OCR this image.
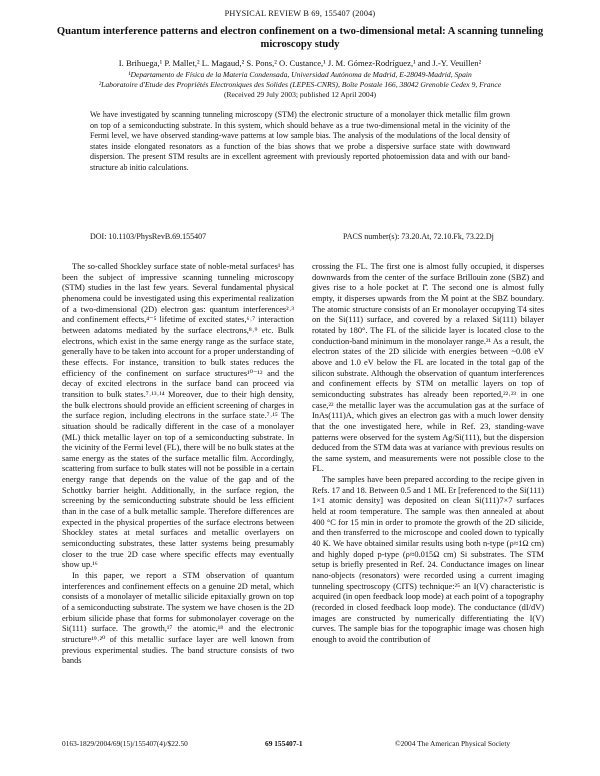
PHYSICAL REVIEW B 69, 155407 (2004)
Quantum interference patterns and electron confinement on a two-dimensional metal: A scanning tunneling microscopy study
I. Brihuega,¹ P. Mallet,² L. Magaud,² S. Pons,² O. Custance,¹ J. M. Gómez-Rodríguez,¹ and J.-Y. Veuillen²
¹Departamento de Física de la Materia Condensada, Universidad Autónoma de Madrid, E-28049-Madrid, Spain
²Laboratoire d'Etude des Propriétés Electroniques des Solides (LEPES-CNRS), Boîte Postale 166, 38042 Grenoble Cedex 9, France
(Received 29 July 2003; published 12 April 2004)
We have investigated by scanning tunneling microscopy (STM) the electronic structure of a monolayer thick metallic film grown on top of a semiconducting substrate. In this system, which should behave as a true two-dimensional metal in the vicinity of the Fermi level, we have observed standing-wave patterns at low sample bias. The analysis of the modulations of the local density of states inside elongated resonators as a function of the bias shows that we probe a dispersive surface state with downward dispersion. The present STM results are in excellent agreement with previously reported photoemission data and with our band-structure ab initio calculations.
DOI: 10.1103/PhysRevB.69.155407	PACS number(s): 73.20.At, 72.10.Fk, 73.22.Dj

The so-called Shockley surface state of noble-metal surfaces¹ has been the subject of impressive scanning tunneling microscopy (STM) studies in the last few years. Several fundamental physical phenomena could be investigated using this experimental realization of a two-dimensional (2D) electron gas: quantum interferences²˒³ and confinement effects,⁴⁻⁵ lifetime of excited states,⁶˒⁷ interaction between adatoms mediated by the surface electrons,⁸˒⁹ etc. Bulk electrons, which exist in the same energy range as the surface state, generally have to be taken into account for a proper understanding of these effects. For instance, transition to bulk states reduces the efficiency of the confinement on surface structures¹⁰⁻¹² and the decay of excited electrons in the surface band can proceed via transition to bulk states.⁷˒¹³˒¹⁴ Moreover, due to their high density, the bulk electrons should provide an efficient screening of charges in the surface region, including electrons in the surface state.⁷˒¹⁵ The situation should be radically different in the case of a monolayer (ML) thick metallic layer on top of a semiconducting substrate. In the vicinity of the Fermi level (FL), there will be no bulk states at the same energy as the states of the surface metallic film. Accordingly, scattering from surface to bulk states will not be possible in a certain energy range that depends on the value of the gap and of the Schottky barrier height. Additionally, in the surface region, the screening by the semiconducting substrate should be less efficient than in the case of a bulk metallic sample. Therefore differences are expected in the physical properties of the surface electrons between Shockley states at metal surfaces and metallic overlayers on semiconducting substrates, these latter systems being presumably closer to the true 2D case where specific effects may eventually show up.¹⁶

In this paper, we report a STM observation of quantum interferences and confinement effects on a genuine 2D metal, which consists of a monolayer of metallic silicide epitaxially grown on top of a semiconducting substrate. The system we have chosen is the 2D erbium silicide phase that forms for submonolayer coverage on the Si(111) surface. The growth,¹⁷ the atomic,¹⁸ and the electronic structure¹⁹˒²⁰ of this metallic surface layer are well known from previous experimental studies. The band structure consists of two bands

crossing the FL. The first one is almost fully occupied, it disperses downwards from the center of the surface Brillouin zone (SBZ) and gives rise to a hole pocket at Γ̄. The second one is almost fully empty, it disperses upwards from the M̄ point at the SBZ boundary. The atomic structure consists of an Er monolayer occupying T4 sites on the Si(111) surface, and covered by a relaxed Si(111) bilayer rotated by 180°. The FL of the silicide layer is located close to the conduction-band minimum in the monolayer range.²¹ As a result, the electron states of the 2D silicide with energies between ~0.08 eV above and 1.0 eV below the FL are located in the total gap of the silicon substrate. Although the observation of quantum interferences and confinement effects by STM on metallic layers on top of semiconducting substrates has already been reported,²²˒²³ in one case,²² the metallic layer was the accumulation gas at the surface of InAs(111)A, which gives an electron gas with a much lower density that the one investigated here, while in Ref. 23, standing-wave patterns were observed for the system Ag/Si(111), but the dispersion deduced from the STM data was at variance with previous results on the same system, and measurements were not possible close to the FL.

The samples have been prepared according to the recipe given in Refs. 17 and 18. Between 0.5 and 1 ML Er [referenced to the Si(111) 1×1 atomic density] was deposited on clean Si(111)7×7 surfaces held at room temperature. The sample was then annealed at about 400 °C for 15 min in order to promote the growth of the 2D silicide, and then transferred to the microscope and cooled down to typically 40 K. We have obtained similar results using both n-type (ρ≈1Ω cm) and highly doped p-type (ρ≈0.015Ω cm) Si substrates. The STM setup is briefly presented in Ref. 24. Conductance images on linear nano-objects (resonators) were recorded using a current imaging tunneling spectroscopy (CITS) technique:²⁵ an I(V) characteristic is acquired (in open feedback loop mode) at each point of a topography (recorded in closed feedback loop mode). The conductance (dI/dV) images are constructed by numerically differentiating the I(V) curves. The sample bias for the topographic image was chosen high enough to avoid the contribution of

0163-1829/2004/69(15)/155407(4)/$22.50	69 155407-1	©2004 The American Physical Society
